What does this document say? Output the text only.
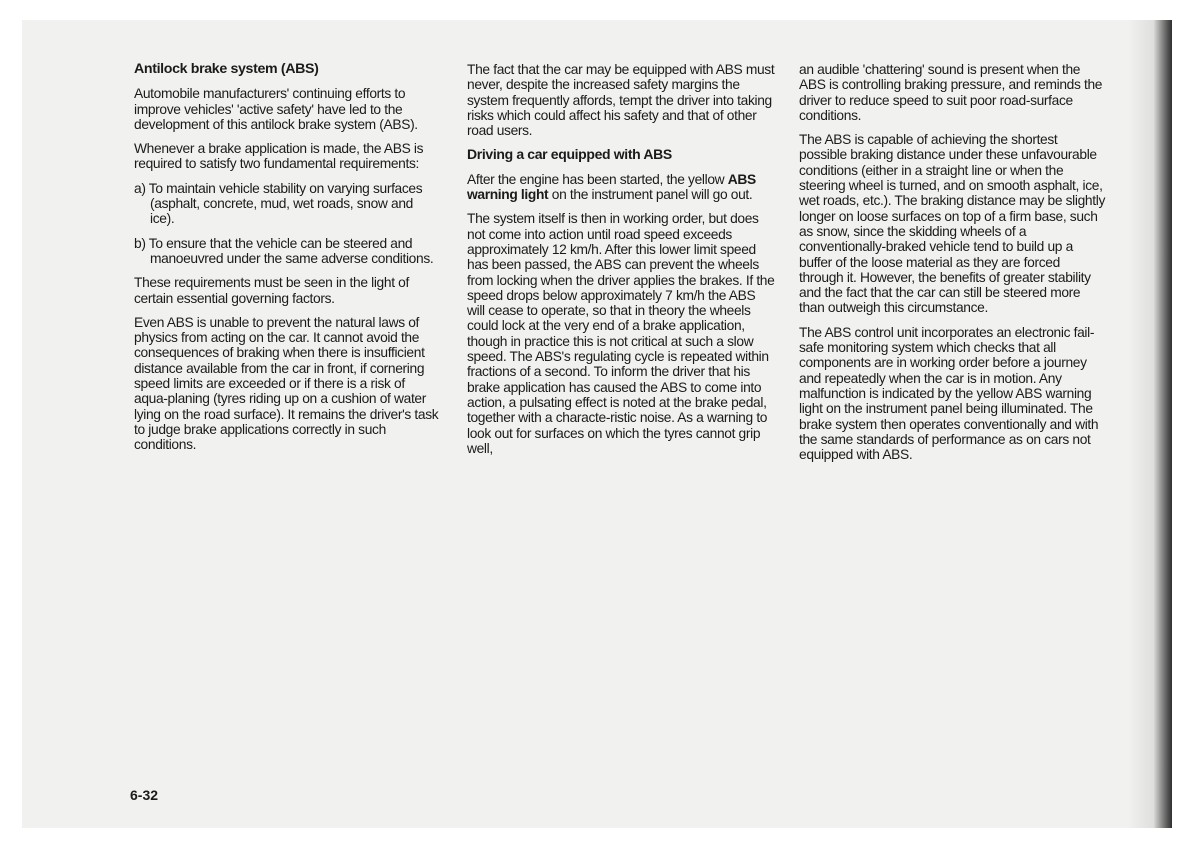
Antilock brake system (ABS)

Automobile manufacturers' continuing efforts to improve vehicles' 'active safety' have led to the development of this antilock brake system (ABS).

Whenever a brake application is made, the ABS is required to satisfy two fundamental requirements:

a) To maintain vehicle stability on varying surfaces (asphalt, concrete, mud, wet roads, snow and ice).

b) To ensure that the vehicle can be steered and manoeuvred under the same adverse conditions.

These requirements must be seen in the light of certain essential governing factors.

Even ABS is unable to prevent the natural laws of physics from acting on the car. It cannot avoid the consequences of braking when there is insufficient distance available from the car in front, if cornering speed limits are exceeded or if there is a risk of aqua-planing (tyres riding up on a cushion of water lying on the road surface). It remains the driver's task to judge brake applications correctly in such conditions.

The fact that the car may be equipped with ABS must never, despite the increased safety margins the system frequently affords, tempt the driver into taking risks which could affect his safety and that of other road users.

Driving a car equipped with ABS

After the engine has been started, the yellow ABS warning light on the instrument panel will go out.

The system itself is then in working order, but does not come into action until road speed exceeds approximately 12 km/h. After this lower limit speed has been passed, the ABS can prevent the wheels from locking when the driver applies the brakes. If the speed drops below approximately 7 km/h the ABS will cease to operate, so that in theory the wheels could lock at the very end of a brake application, though in practice this is not critical at such a slow speed. The ABS's regulating cycle is repeated within fractions of a second. To inform the driver that his brake application has caused the ABS to come into action, a pulsating effect is noted at the brake pedal, together with a characte-ristic noise. As a warning to look out for surfaces on which the tyres cannot grip well,

an audible 'chattering' sound is present when the ABS is controlling braking pressure, and reminds the driver to reduce speed to suit poor road-surface conditions.

The ABS is capable of achieving the shortest possible braking distance under these unfavourable conditions (either in a straight line or when the steering wheel is turned, and on smooth asphalt, ice, wet roads, etc.). The braking distance may be slightly longer on loose surfaces on top of a firm base, such as snow, since the skidding wheels of a conventionally-braked vehicle tend to build up a buffer of the loose material as they are forced through it. However, the benefits of greater stability and the fact that the car can still be steered more than outweigh this circumstance.

The ABS control unit incorporates an electronic fail-safe monitoring system which checks that all components are in working order before a journey and repeatedly when the car is in motion. Any malfunction is indicated by the yellow ABS warning light on the instrument panel being illuminated. The brake system then operates conventionally and with the same standards of performance as on cars not equipped with ABS.

6-32
